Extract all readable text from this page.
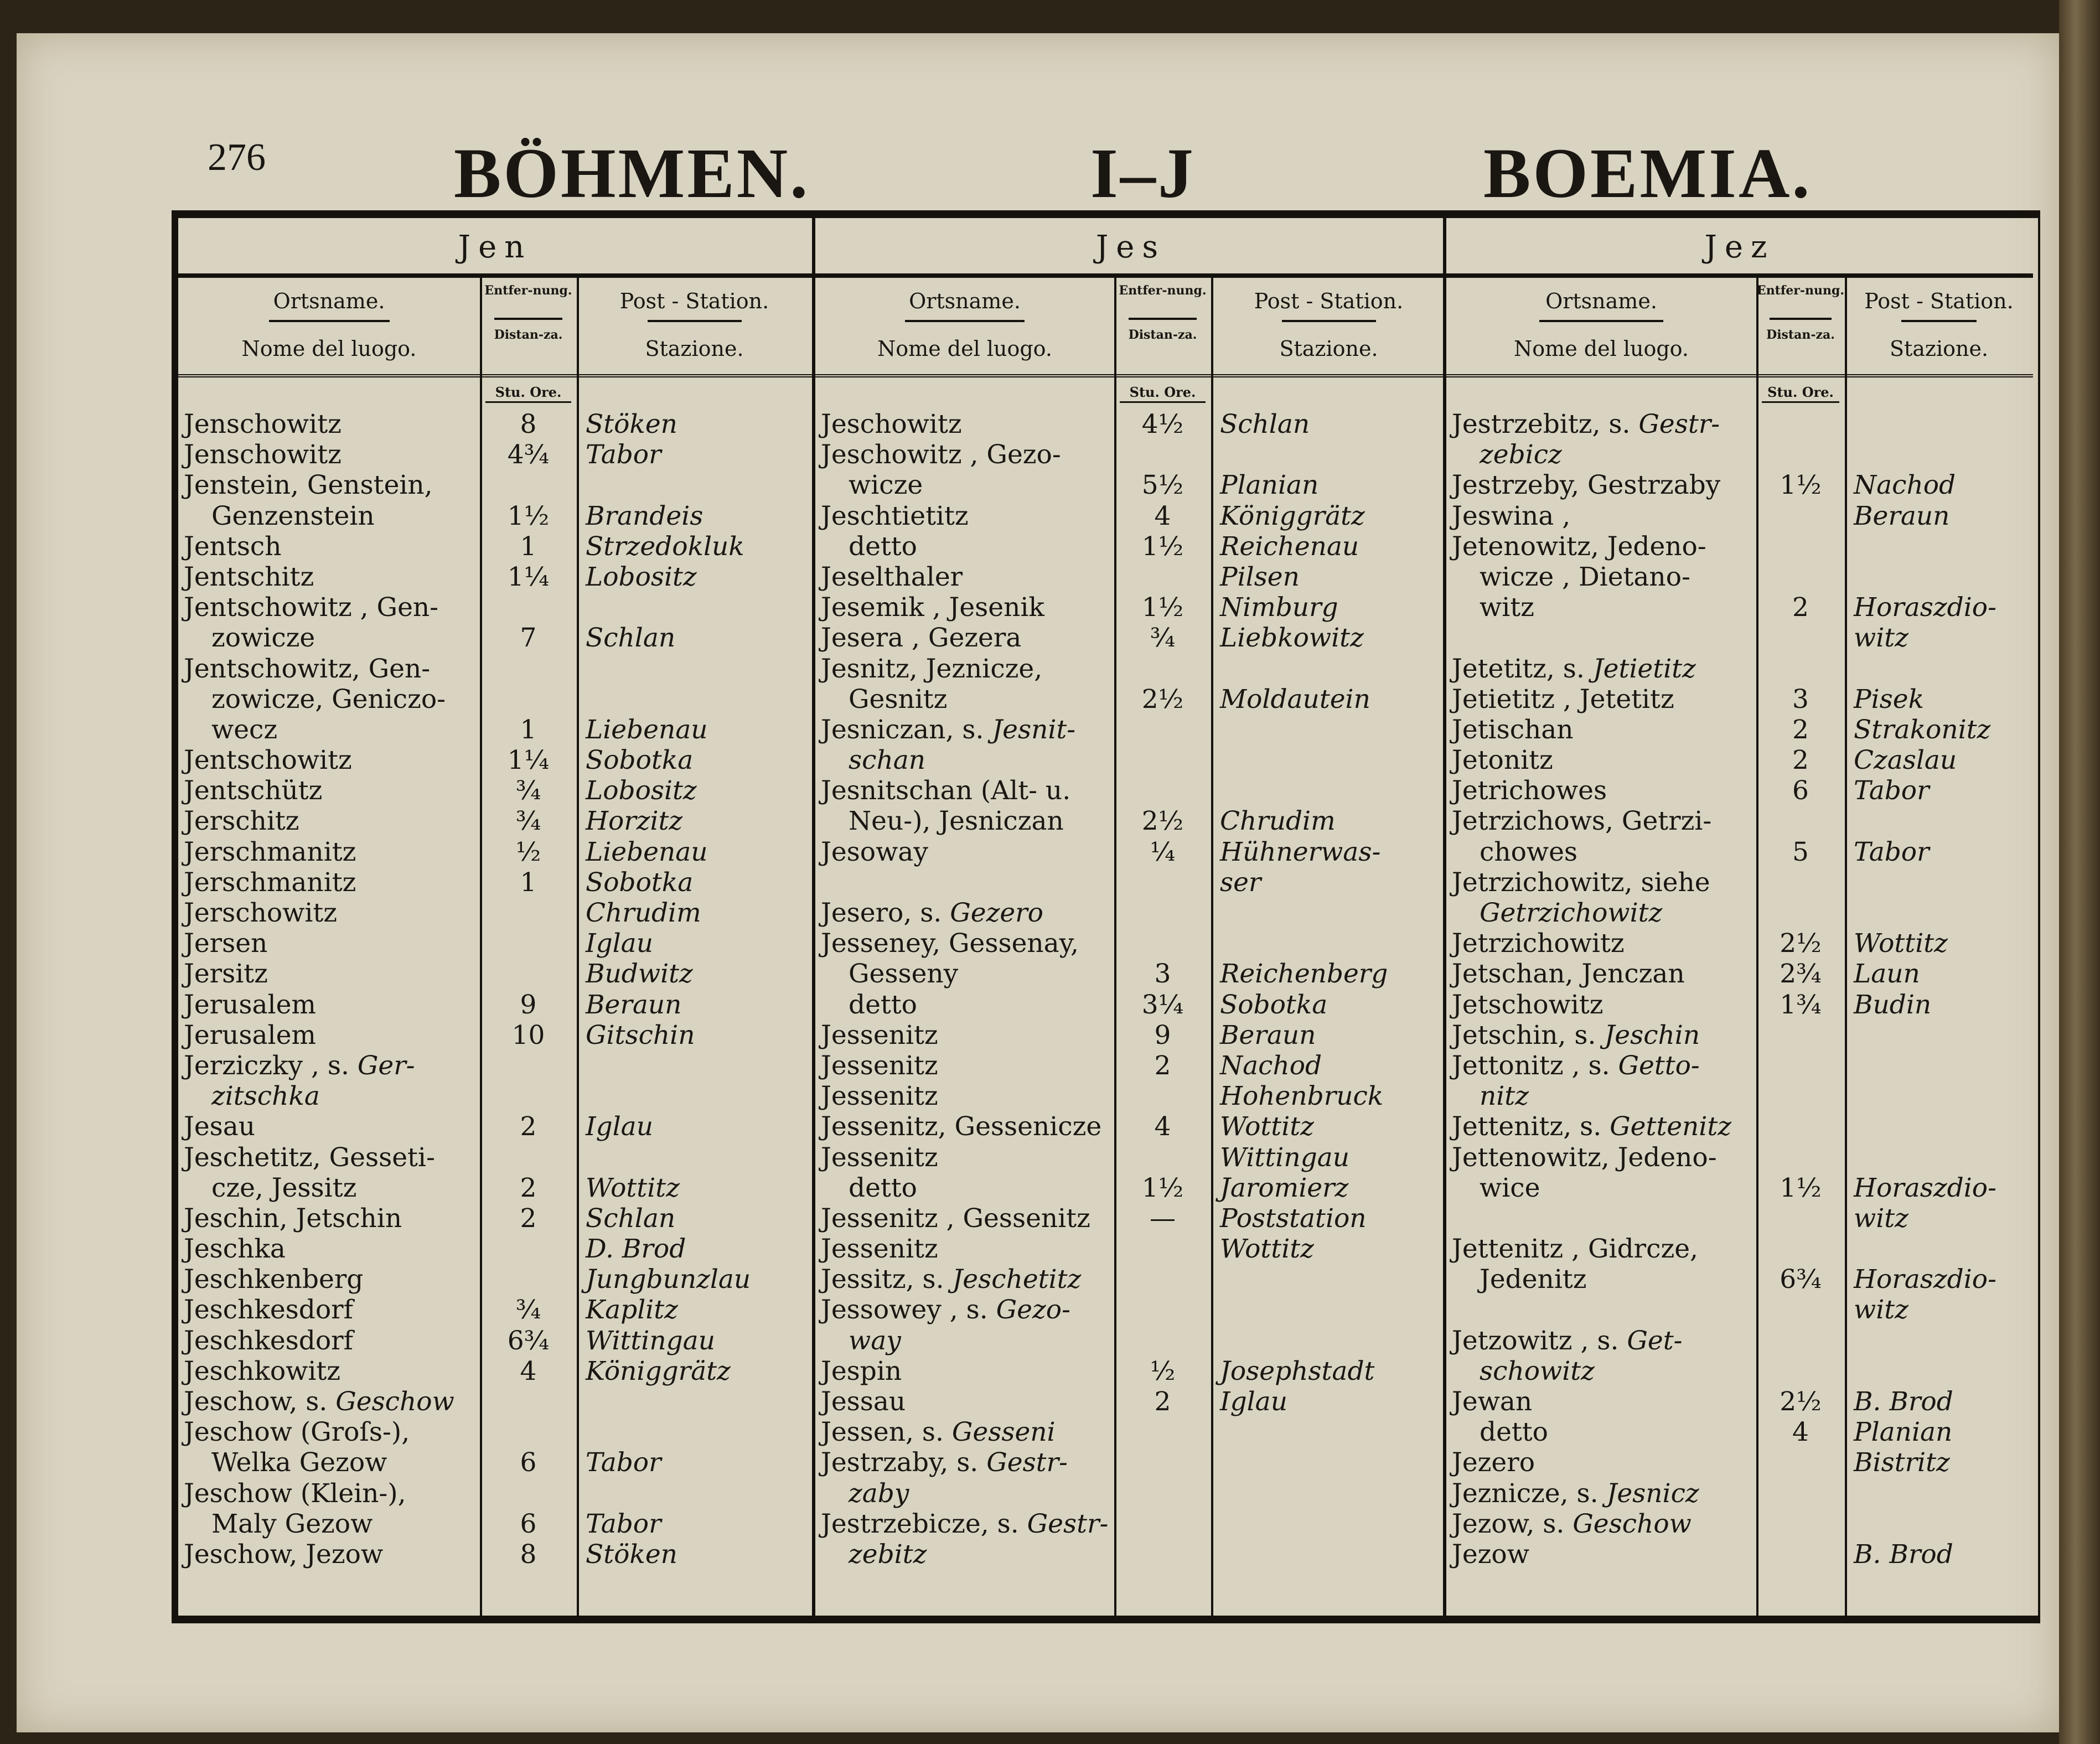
276	BÖHMEN.	I–J	BOEMIA.
Jen
Ortsname.
Nome del luogo.
Entfer-nung.
Distan-za.
Post - Station.
Stazione.
Stu. Ore.
Jenschowitz	8	Stöken
Jenschowitz	4¾	Tabor
Jenstein, Genstein,
Genzenstein	1½	Brandeis
Jentsch	1	Strzedokluk
Jentschitz	1¼	Lobositz
Jentschowitz , Gen-
zowicze	7	Schlan
Jentschowitz, Gen-
zowicze, Geniczo-
wecz	1	Liebenau
Jentschowitz	1¼	Sobotka
Jentschütz	¾	Lobositz
Jerschitz	¾	Horzitz
Jerschmanitz	½	Liebenau
Jerschmanitz	1	Sobotka
Jerschowitz	Chrudim
Jersen	Iglau
Jersitz	Budwitz
Jerusalem	9	Beraun
Jerusalem	10	Gitschin
Jerziczky , s. Ger-
zitschka
Jesau	2	Iglau
Jeschetitz, Gesseti-
cze, Jessitz	2	Wottitz
Jeschin, Jetschin	2	Schlan
Jeschka	D. Brod
Jeschkenberg	Jungbunzlau
Jeschkesdorf	¾	Kaplitz
Jeschkesdorf	6¾	Wittingau
Jeschkowitz	4	Königgrätz
Jeschow, s. Geschow
Jeschow (Groſs-),
Welka Gezow	6	Tabor
Jeschow (Klein-),
Maly Gezow	6	Tabor
Jeschow, Jezow	8	Stöken
Jes
Ortsname.
Nome del luogo.
Entfer-nung.
Distan-za.
Post - Station.
Stazione.
Stu. Ore.
Jeschowitz	4½	Schlan
Jeschowitz , Gezo-
wicze	5½	Planian
Jeschtietitz	4	Königgrätz
detto	1½	Reichenau
Jeselthaler	Pilsen
Jesemik , Jesenik	1½	Nimburg
Jesera , Gezera	¾	Liebkowitz
Jesnitz, Jeznicze,
Gesnitz	2½	Moldautein
Jesniczan, s. Jesnit-
schan
Jesnitschan (Alt- u.
Neu-), Jesniczan	2½	Chrudim
Jesoway	¼	Hühnerwas-
ser
Jesero, s. Gezero
Jesseney, Gessenay,
Gesseny	3	Reichenberg
detto	3¼	Sobotka
Jessenitz	9	Beraun
Jessenitz	2	Nachod
Jessenitz	Hohenbruck
Jessenitz, Gessenicze	4	Wottitz
Jessenitz	Wittingau
detto	1½	Jaromierz
Jessenitz , Gessenitz	—	Poststation
Jessenitz	Wottitz
Jessitz, s. Jeschetitz
Jessowey , s. Gezo-
way
Jespin	½	Josephstadt
Jessau	2	Iglau
Jessen, s. Gesseni
Jestrzaby, s. Gestr-
zaby
Jestrzebicze, s. Gestr-
zebitz
Jez
Ortsname.
Nome del luogo.
Entfer-nung.
Distan-za.
Post - Station.
Stazione.
Stu. Ore.
Jestrzebitz, s. Gestr-
zebicz
Jestrzeby, Gestrzaby	1½	Nachod
Jeswina ,	Beraun
Jetenowitz, Jedeno-
wicze , Dietano-
witz	2	Horaszdio-
witz
Jetetitz, s. Jetietitz
Jetietitz , Jetetitz	3	Pisek
Jetischan	2	Strakonitz
Jetonitz	2	Czaslau
Jetrichowes	6	Tabor
Jetrzichows, Getrzi-
chowes	5	Tabor
Jetrzichowitz, siehe
Getrzichowitz
Jetrzichowitz	2½	Wottitz
Jetschan, Jenczan	2¾	Laun
Jetschowitz	1¾	Budin
Jetschin, s. Jeschin
Jettonitz , s. Getto-
nitz
Jettenitz, s. Gettenitz
Jettenowitz, Jedeno-
wice	1½	Horaszdio-
witz
Jettenitz , Gidrcze,
Jedenitz	6¾	Horaszdio-
witz
Jetzowitz , s. Get-
schowitz
Jewan	2½	B. Brod
detto	4	Planian
Jezero	Bistritz
Jeznicze, s. Jesnicz
Jezow, s. Geschow
Jezow	B. Brod
